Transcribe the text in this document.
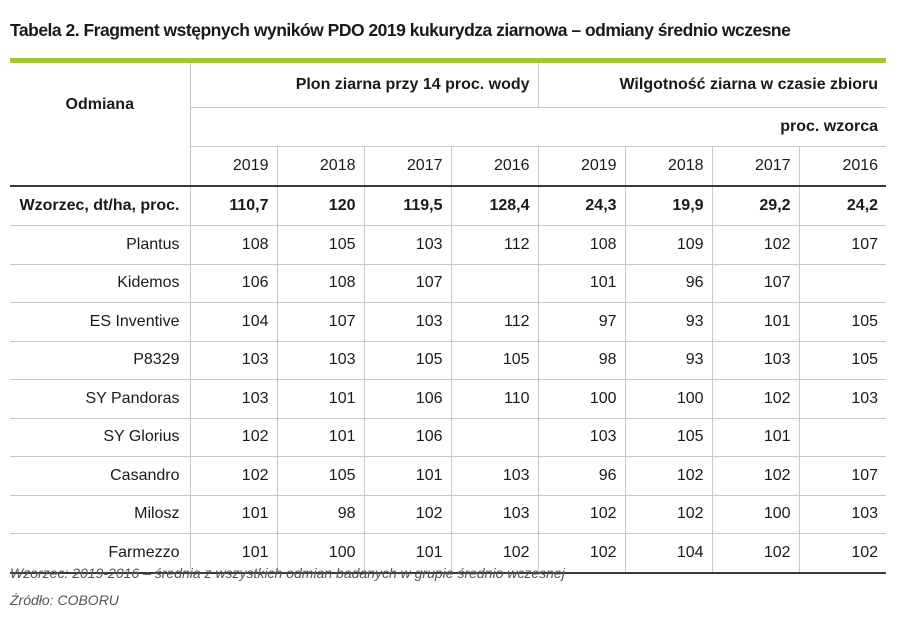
Tabela 2. Fragment wstępnych wyników PDO 2019 kukurydza ziarnowa – odmiany średnio wczesne
Odmiana	Plon ziarna przy 14 proc. wody				Wilgotność ziarna w czasie zbioru			
	proc. wzorca							
	2019	2018	2017	2016	2019	2018	2017	2016
Wzorzec, dt/ha, proc.	110,7	120	119,5	128,4	24,3	19,9	29,2	24,2
Plantus	108	105	103	112	108	109	102	107
Kidemos	106	108	107		101	96	107	
ES Inventive	104	107	103	112	97	93	101	105
P8329	103	103	105	105	98	93	103	105
SY Pandoras	103	101	106	110	100	100	102	103
SY Glorius	102	101	106		103	105	101	
Casandro	102	105	101	103	96	102	102	107
Milosz	101	98	102	103	102	102	100	103
Farmezzo	101	100	101	102	102	104	102	102
Wzorzec: 2019-2016 – średnia z wszystkich odmian badanych w grupie średnio wczesnej
Źródło: COBORU
